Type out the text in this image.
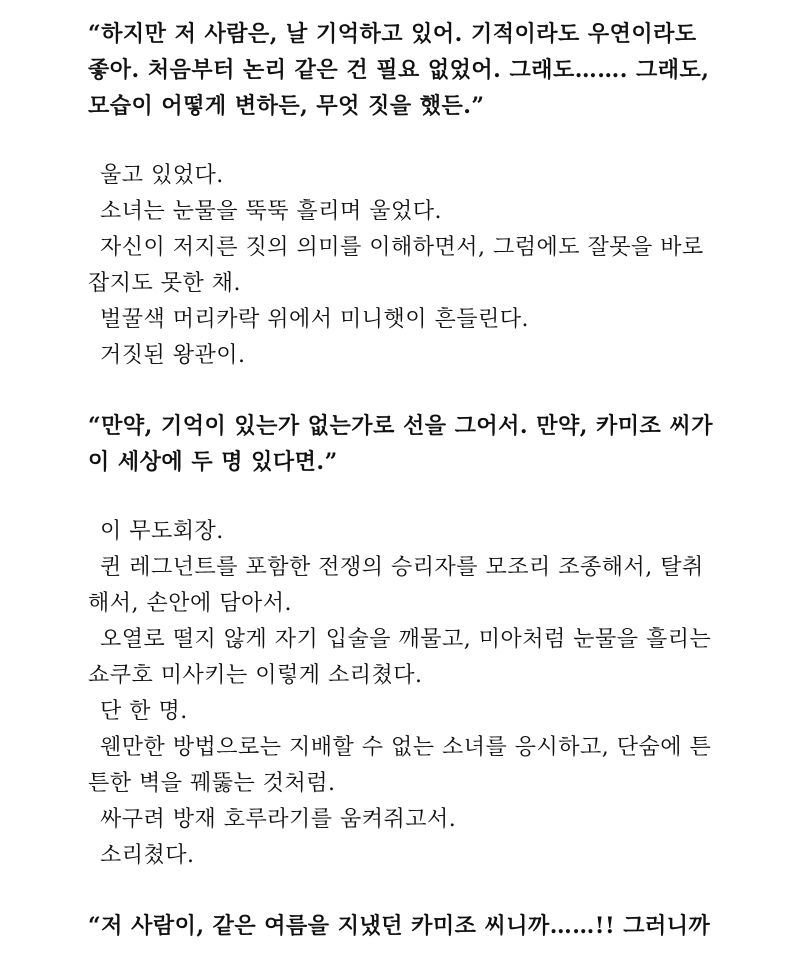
“하지만 저 사람은, 날 기억하고 있어. 기적이라도 우연이라도
좋아. 처음부터 논리 같은 건 필요 없었어. 그래도……. 그래도,
모습이 어떻게 변하든, 무엇 짓을 했든.”
울고 있었다.
소녀는 눈물을 뚝뚝 흘리며 울었다.
자신이 저지른 짓의 의미를 이해하면서, 그럼에도 잘못을 바로
잡지도 못한 채.
벌꿀색 머리카락 위에서 미니햇이 흔들린다.
거짓된 왕관이.
“만약, 기억이 있는가 없는가로 선을 그어서. 만약, 카미조 씨가
이 세상에 두 명 있다면.”
이 무도회장.
퀸 레그넌트를 포함한 전쟁의 승리자를 모조리 조종해서, 탈취
해서, 손안에 담아서.
오열로 떨지 않게 자기 입술을 깨물고, 미아처럼 눈물을 흘리는
쇼쿠호 미사키는 이렇게 소리쳤다.
단 한 명.
웬만한 방법으로는 지배할 수 없는 소녀를 응시하고, 단숨에 튼
튼한 벽을 꿰뚫는 것처럼.
싸구려 방재 호루라기를 움켜쥐고서.
소리쳤다.
“저 사람이, 같은 여름을 지냈던 카미조 씨니까……!! 그러니까
